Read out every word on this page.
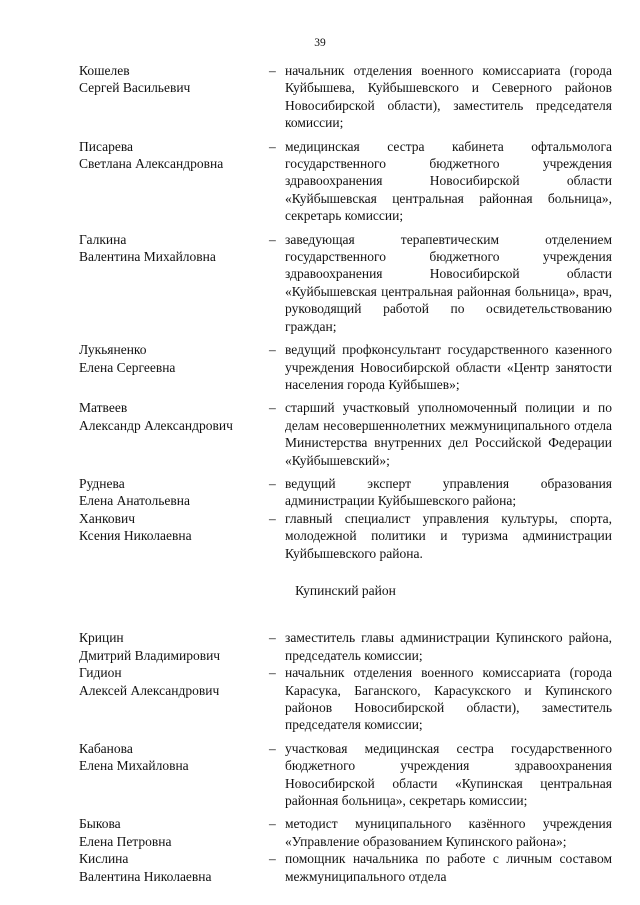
39
Кошелев
Сергей Васильевич
– начальник отделения военного комиссариата (города Куйбышева, Куйбышевского и Северного районов Новосибирской области), заместитель председателя комиссии;
Писарева
Светлана Александровна
– медицинская сестра кабинета офтальмолога государственного бюджетного учреждения здравоохранения Новосибирской области «Куйбышевская центральная районная больница», секретарь комиссии;
Галкина
Валентина Михайловна
– заведующая терапевтическим отделением государственного бюджетного учреждения здравоохранения Новосибирской области «Куйбышевская центральная районная больница», врач, руководящий работой по освидетельствованию граждан;
Лукьяненко
Елена Сергеевна
– ведущий профконсультант государственного казенного учреждения Новосибирской области «Центр занятости населения города Куйбышев»;
Матвеев
Александр Александрович
– старший участковый уполномоченный полиции и по делам несовершеннолетних межмуниципального отдела Министерства внутренних дел Российской Федерации «Куйбышевский»;
Руднева
Елена Анатольевна
– ведущий эксперт управления образования администрации Куйбышевского района;
Ханкович
Ксения Николаевна
– главный специалист управления культуры, спорта, молодежной политики и туризма администрации Куйбышевского района.
Купинский район
Крицин
Дмитрий Владимирович
– заместитель главы администрации Купинского района, председатель комиссии;
Гидион
Алексей Александрович
– начальник отделения военного комиссариата (города Карасука, Баганского, Карасукского и Купинского районов Новосибирской области), заместитель председателя комиссии;
Кабанова
Елена Михайловна
– участковая медицинская сестра государственного бюджетного учреждения здравоохранения Новосибирской области «Купинская центральная районная больница», секретарь комиссии;
Быкова
Елена Петровна
– методист муниципального казённого учреждения «Управление образованием Купинского района»;
Кислина
Валентина Николаевна
– помощник начальника по работе с личным составом межмуниципального отдела
